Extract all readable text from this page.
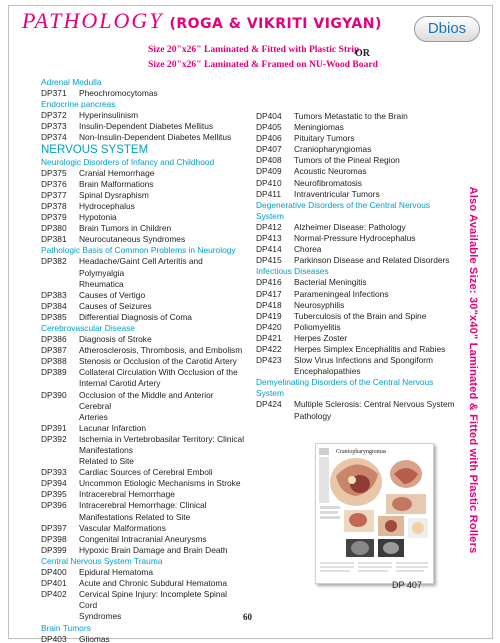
PATHOLOGY (ROGA & VIKRITI VIGYAN)	Dbios
Size 20"x26" Laminated & Fitted with Plastic Strip
Size 20"x26" Laminated & Framed on NU-Wood Board
OR
Adrenal Medulla
DP371	Pheochromocytomas
Endocrine pancreas
DP372	Hyperinsulinism
DP373	Insulin-Dependent Diabetes Mellitus
DP374	Non-Insulin-Dependent Diabetes Mellitus
NERVOUS SYSTEM
Neurologic Disorders of Infancy and Childhood
DP375	Cranial Hemorrhage
DP376	Brain Malformations
DP377	Spinal Dysraphism
DP378	Hydrocephalus
DP379	Hypotonia
DP380	Brain Tumors in Children
DP381	Neurocutaneous Syndromes
Pathologic Basis of Common Problems in Neurology
DP382	Headache/Gaint Cell Arteritis and Polymyalgia
Rheumatica
DP383	Causes of Vertigo
DP384	Causes of Seizures
DP385	Differential Diagnosis of Coma
Cerebrovascular Disease
DP386	Diagnosis of Stroke
DP387	Atherosclerosis, Thrombosis, and Embolism
DP388	Stenosis or Occlusion of the Carotid Artery
DP389	Collateral Circulation With Occlusion of the
Internal Carotid Artery
DP390	Occlusion of the Middle and Anterior Cerebral
Arteries
DP391	Lacunar Infarction
DP392	Ischemia in Vertebrobasilar Territory: Clinical
Manifestations
Related to Site
DP393	Cardiac Sources of Cerebral Emboli
DP394	Uncommon Etiologic Mechanisms in Stroke
DP395	Intracerebral Hemorrhage
DP396	Intracerebral Hemorrhage: Clinical
Manifestations Related to Site
DP397	Vascular Malformations
DP398	Congenital Intracranial Aneurysms
DP399	Hypoxic Brain Damage and Brain Death
Central Nervous System Trauma
DP400	Epidural Hematoma
DP401	Acute and Chronic Subdural Hematoma
DP402	Cervical Spine Injury: Incomplete Spinal Cord
Syndromes
Brain Tumors
DP403	Gliomas
DP404	Tumors Metastatic to the Brain
DP405	Meningiomas
DP406	Pituitary Tumors
DP407	Craniopharyngiomas
DP408	Tumors of the Pineal Region
DP409	Acoustic Neuromas
DP410	Neurofibromatosis
DP411	Intraventricular Tumors
Degenerative Disorders of the Central Nervous System
DP412	Alzheimer Disease: Pathology
DP413	Normal-Pressure Hydrocephalus
DP414	Chorea
DP415	Parkinson Disease and Related Disorders
Infectious Diseases
DP416	Bacterial Meningitis
DP417	Parameningeal Infections
DP418	Neurosyphilis
DP419	Tuberculosis of the Brain and Spine
DP420	Poliomyelitis
DP421	Herpes Zoster
DP422	Herpes Simplex Encephalitis and Rabies
DP423	Slow Virus Infections and Spongiform
Encephalopathies
Demyelinating Disorders of the Central Nervous System
DP424	Multiple Sclerosis: Central Nervous System
Pathology	Also Available Size: 30"x40" Laminated & Fitted with Plastic Rollers
Craniopharyngiomas
DP 407
60
